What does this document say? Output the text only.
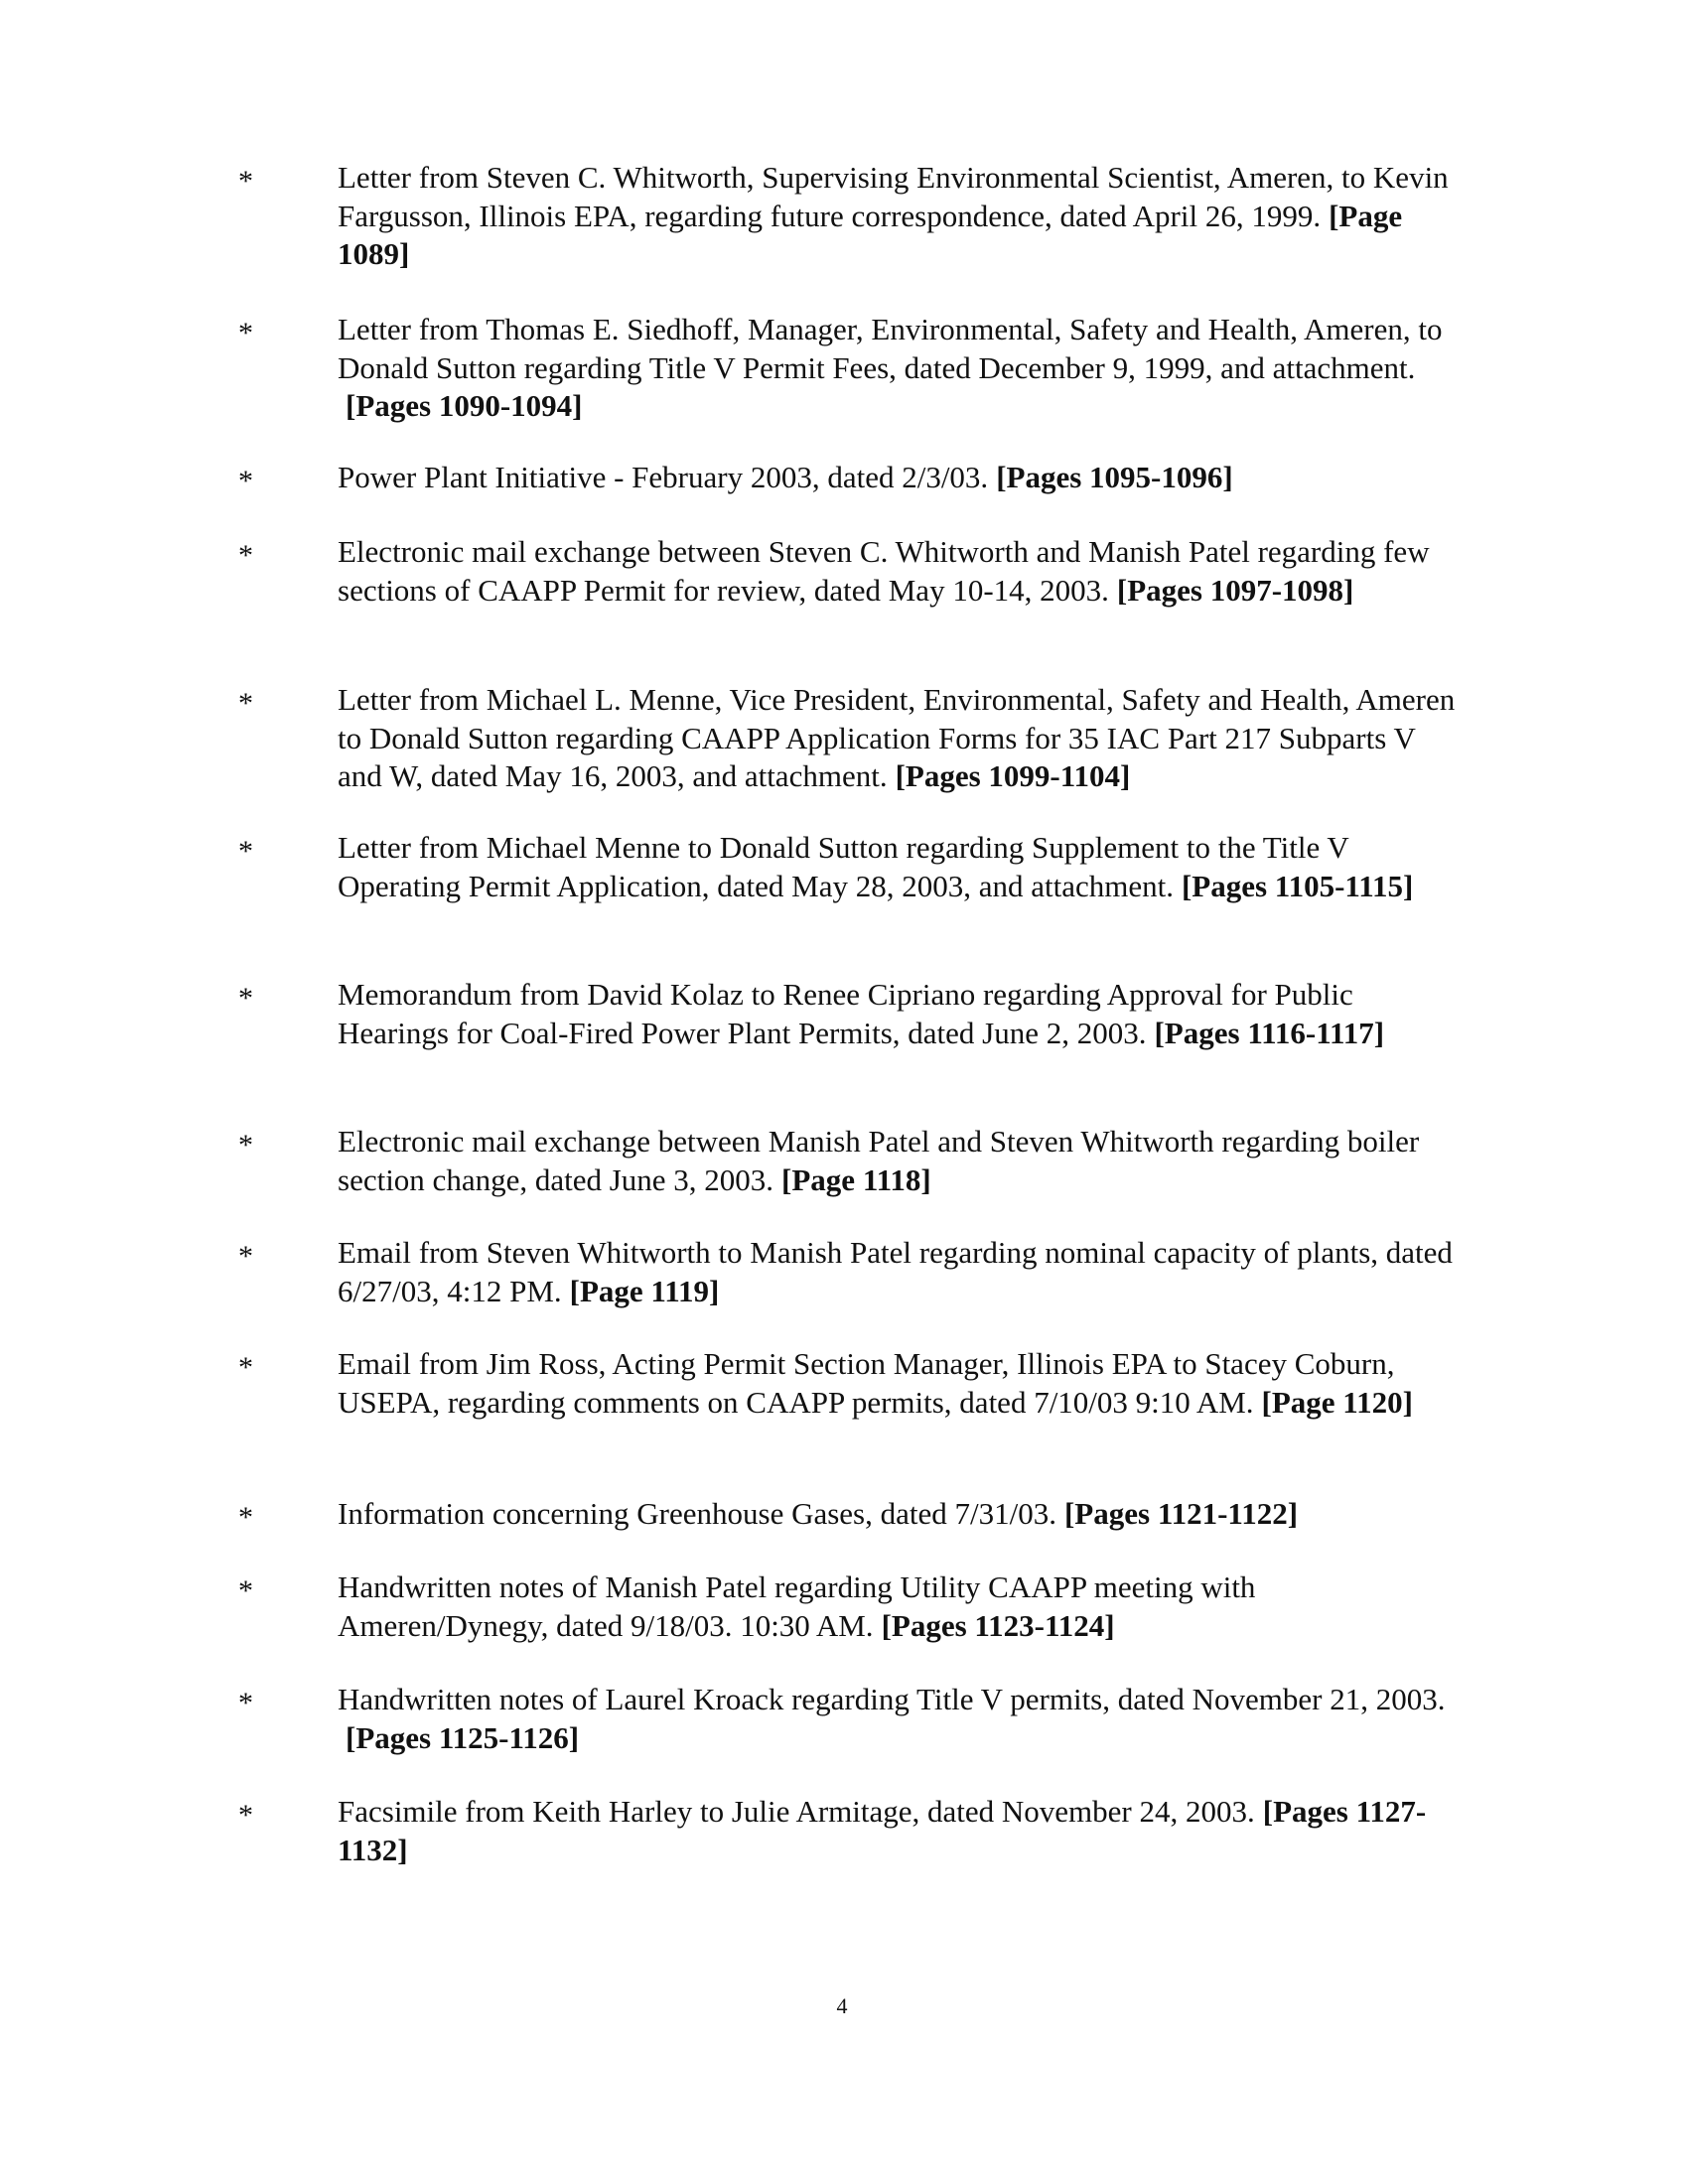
*	Letter from Steven C. Whitworth, Supervising Environmental Scientist, Ameren, to Kevin Fargusson, Illinois EPA, regarding future correspondence, dated April 26, 1999. [Page 1089]
*	Letter from Thomas E. Siedhoff, Manager, Environmental, Safety and Health, Ameren, to Donald Sutton regarding Title V Permit Fees, dated December 9, 1999, and attachment.[Pages 1090-1094]
*	Power Plant Initiative - February 2003, dated 2/3/03. [Pages 1095-1096]
*	Electronic mail exchange between Steven C. Whitworth and Manish Patel regarding few sections of CAAPP Permit for review, dated May 10-14, 2003. [Pages 1097-1098]
*	Letter from Michael L. Menne, Vice President, Environmental, Safety and Health, Ameren to Donald Sutton regarding CAAPP Application Forms for 35 IAC Part 217 Subparts V and W, dated May 16, 2003, and attachment. [Pages 1099-1104]
*	Letter from Michael Menne to Donald Sutton regarding Supplement to the Title V Operating Permit Application, dated May 28, 2003, and attachment. [Pages 1105-1115]
*	Memorandum from David Kolaz to Renee Cipriano regarding Approval for Public Hearings for Coal-Fired Power Plant Permits, dated June 2, 2003. [Pages 1116-1117]
*	Electronic mail exchange between Manish Patel and Steven Whitworth regarding boiler section change, dated June 3, 2003. [Page 1118]
*	Email from Steven Whitworth to Manish Patel regarding nominal capacity of plants, dated 6/27/03, 4:12 PM. [Page 1119]
*	Email from Jim Ross, Acting Permit Section Manager, Illinois EPA to Stacey Coburn, USEPA, regarding comments on CAAPP permits, dated 7/10/03 9:10 AM. [Page 1120]
*	Information concerning Greenhouse Gases, dated 7/31/03. [Pages 1121-1122]
*	Handwritten notes of Manish Patel regarding Utility CAAPP meeting with Ameren/Dynegy, dated 9/18/03. 10:30 AM. [Pages 1123-1124]
*	Handwritten notes of Laurel Kroack regarding Title V permits, dated November 21, 2003.[Pages 1125-1126]
*	Facsimile from Keith Harley to Julie Armitage, dated November 24, 2003. [Pages 1127-1132]
4
